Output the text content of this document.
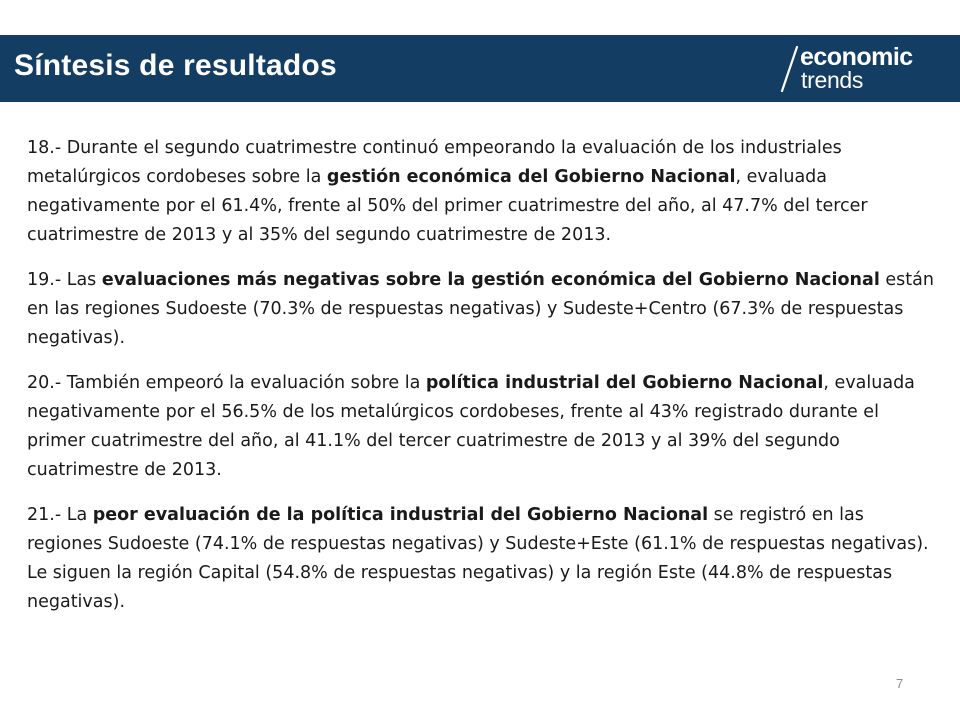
Síntesis de resultados	economic
trends

18.- Durante el segundo cuatrimestre continuó empeorando la evaluación de los industriales metalúrgicos cordobeses sobre la gestión económica del Gobierno Nacional, evaluada negativamente por el 61.4%, frente al 50% del primer cuatrimestre del año, al 47.7% del tercer cuatrimestre de 2013 y al 35% del segundo cuatrimestre de 2013.

19.- Las evaluaciones más negativas sobre la gestión económica del Gobierno Nacional están en las regiones Sudoeste (70.3% de respuestas negativas) y Sudeste+Centro (67.3% de respuestas negativas).

20.- También empeoró la evaluación sobre la política industrial del Gobierno Nacional, evaluada negativamente por el 56.5% de los metalúrgicos cordobeses, frente al 43% registrado durante el primer cuatrimestre del año, al 41.1% del tercer cuatrimestre de 2013 y al 39% del segundo cuatrimestre de 2013.

21.- La peor evaluación de la política industrial del Gobierno Nacional se registró en las regiones Sudoeste (74.1% de respuestas negativas) y Sudeste+Este (61.1% de respuestas negativas). Le siguen la región Capital (54.8% de respuestas negativas) y la región Este (44.8% de respuestas negativas).

7
